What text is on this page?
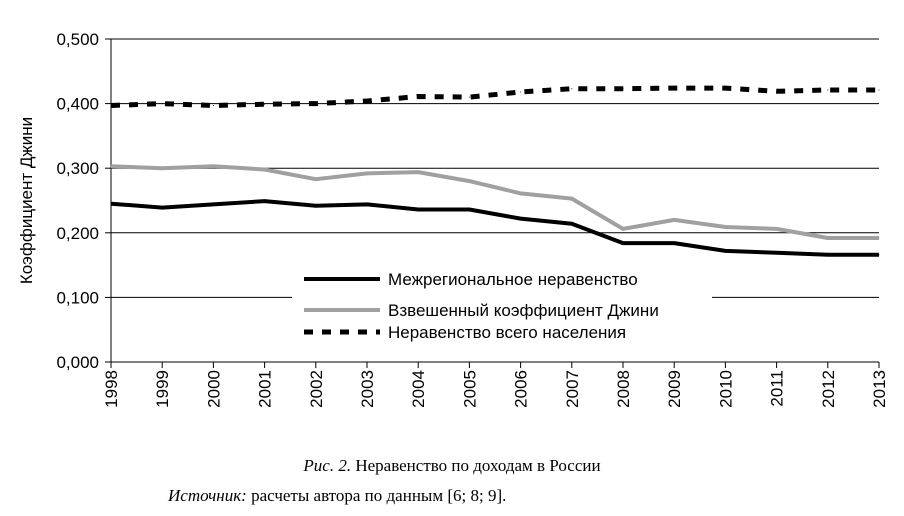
0,000
0,100
0,200
0,300
0,400
0,500
1998 1999 2000 2001 2002 2003 2004 2005 2006 2007 2008 2009 2010 2011 2012 2013
Коэффициент Джини	Межрегиональное неравенство
Взвешенный коэффициент Джини
Неравенство всего населения
Рис. 2. Неравенство по доходам в России
Источник: расчеты автора по данным [6; 8; 9].
